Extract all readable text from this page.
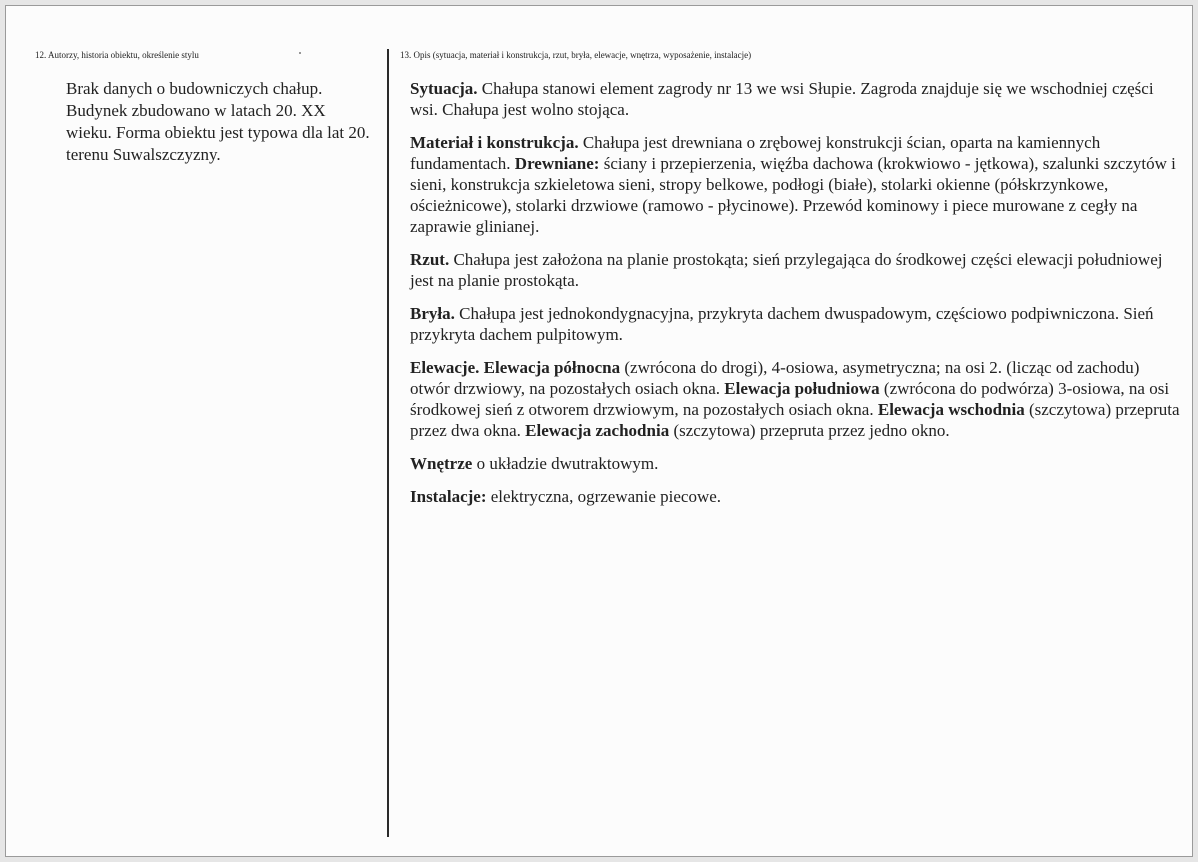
12. Autorzy, historia obiektu, określenie stylu
Brak danych o budowniczych chałup. Budynek zbudowano w latach 20. XX wieku. Forma obiektu jest typowa dla lat 20. terenu Suwalszczyzny.
13. Opis (sytuacja, materiał i konstrukcja, rzut, bryła, elewacje, wnętrza, wyposażenie, instalacje)

Sytuacja. Chałupa stanowi element zagrody nr 13 we wsi Słupie. Zagroda znajduje się we wschodniej części wsi. Chałupa jest wolno stojąca.

Materiał i konstrukcja. Chałupa jest drewniana o zrębowej konstrukcji ścian, oparta na kamiennych fundamentach. Drewniane: ściany i przepierzenia, więźba dachowa (krokwiowo - jętkowa), szalunki szczytów i sieni, konstrukcja szkieletowa sieni, stropy belkowe, podłogi (białe), stolarki okienne (półskrzynkowe, ościeżnicowe), stolarki drzwiowe (ramowo - płycinowe). Przewód kominowy i piece murowane z cegły na zaprawie glinianej.

Rzut. Chałupa jest założona na planie prostokąta; sień przylegająca do środkowej części elewacji południowej jest na planie prostokąta.

Bryła. Chałupa jest jednokondygnacyjna, przykryta dachem dwuspadowym, częściowo podpiwniczona. Sień przykryta dachem pulpitowym.

Elewacje. Elewacja północna (zwrócona do drogi), 4-osiowa, asymetryczna; na osi 2. (licząc od zachodu) otwór drzwiowy, na pozostałych osiach okna. Elewacja południowa (zwrócona do podwórza) 3-osiowa, na osi środkowej sień z otworem drzwiowym, na pozostałych osiach okna. Elewacja wschodnia (szczytowa) przepruta przez dwa okna. Elewacja zachodnia (szczytowa) przepruta przez jedno okno.

Wnętrze o układzie dwutraktowym.

Instalacje: elektryczna, ogrzewanie piecowe.
